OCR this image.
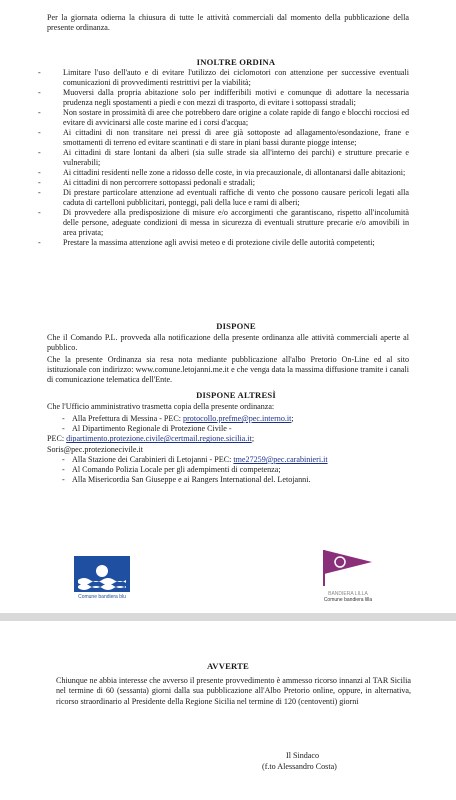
Per la giornata odierna la chiusura di tutte le attività commerciali dal momento della pubblicazione della presente ordinanza.

INOLTRE ORDINA

- Limitare l'uso dell'auto e di evitare l'utilizzo dei ciclomotori con attenzione per successive eventuali comunicazioni di provvedimenti restrittivi per la viabilità;
- Muoversi dalla propria abitazione solo per indifferibili motivi e comunque di adottare la necessaria prudenza negli spostamenti a piedi e con mezzi di trasporto, di evitare i sottopassi stradali;
- Non sostare in prossimità di aree che potrebbero dare origine a colate rapide di fango e blocchi rocciosi ed evitare di avvicinarsi alle coste marine ed i corsi d'acqua;
- Ai cittadini di non transitare nei pressi di aree già sottoposte ad allagamento/esondazione, frane e smottamenti di terreno ed evitare scantinati e di stare in piani bassi durante piogge intense;
- Ai cittadini di stare lontani da alberi (sia sulle strade sia all'interno dei parchi) e strutture precarie e vulnerabili;
- Ai cittadini residenti nelle zone a ridosso delle coste, in via precauzionale, di allontanarsi dalle abitazioni;
- Ai cittadini di non percorrere sottopassi pedonali e stradali;
- Di prestare particolare attenzione ad eventuali raffiche di vento che possono causare pericoli legati alla caduta di cartelloni pubblicitari, ponteggi, pali della luce e rami di alberi;
- Di provvedere alla predisposizione di misure e/o accorgimenti che garantiscano, rispetto all'incolumità delle persone, adeguate condizioni di messa in sicurezza di eventuali strutture precarie e/o amovibili in area privata;
- Prestare la massima attenzione agli avvisi meteo e di protezione civile delle autorità competenti;

DISPONE

Che il Comando P.L. provveda alla notificazione della presente ordinanza alle attività commerciali aperte al pubblico.

Che la presente Ordinanza sia resa nota mediante pubblicazione all'albo Pretorio On-Line ed al sito istituzionale con indirizzo: www.comune.letojanni.me.it e che venga data la massima diffusione tramite i canali di comunicazione telematica dell'Ente.

DISPONE ALTRESÌ

Che l'Ufficio amministrativo trasmetta copia della presente ordinanza:

- Alla Prefettura di Messina - PEC: protocollo.prefme@pec.interno.it;
- Al Dipartimento Regionale di Protezione Civile -
PEC: dipartimento.protezione.civile@certmail.regione.sicilia.it;
Soris@pec.protezionecivile.it
- Alla Stazione dei Carabinieri di Letojanni - PEC: tme27259@pec.carabinieri.it
- Al Comando Polizia Locale per gli adempimenti di competenza;
- Alla Misericordia San Giuseppe e ai Rangers International del. Letojanni.
Comune bandiera blu	BANDIERA LILLA
Comune bandiera lilla

AVVERTE

Chiunque ne abbia interesse che avverso il presente provvedimento è ammesso ricorso innanzi al TAR Sicilia nel termine di 60 (sessanta) giorni dalla sua pubblicazione all'Albo Pretorio online, oppure, in alternativa, ricorso straordinario al Presidente della Regione Sicilia nel termine di 120 (centoventi) giorni

Il Sindaco

(f.to Alessandro Costa)
